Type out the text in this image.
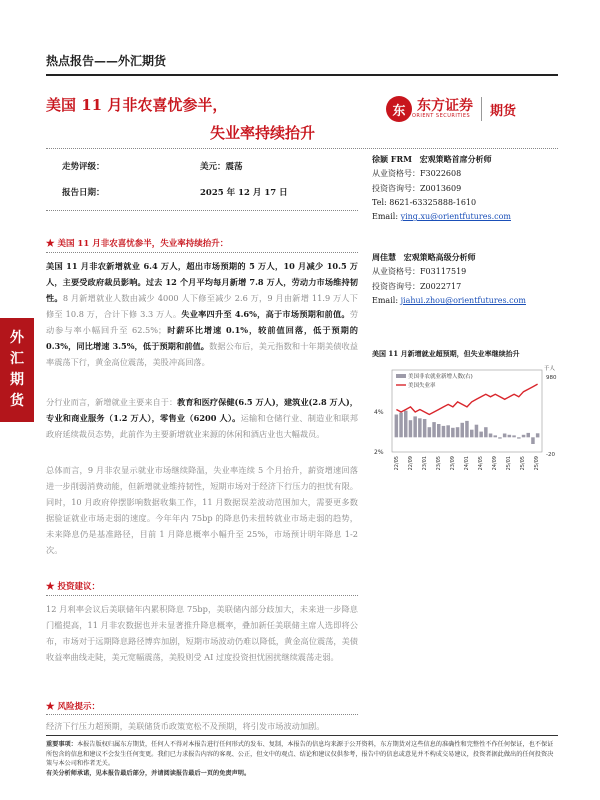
热点报告——外汇期货
美国 11 月非农喜忧参半，
失业率持续抬升
东 东方证券
ORIENT SECURITIES 期货
走势评级：	美元：震荡
报告日期：	2025 年 12 月 17 日
外
汇
期
货
★ 美国 11 月非农喜忧参半，失业率持续抬升：
美国 11 月非农新增就业 6.4 万人，超出市场预期的 5 万人，10 月减少 10.5 万人，主要受政府裁员影响。过去 12 个月平均每月新增 7.8 万人，劳动力市场维持韧性。8 月新增就业人数由减少 4000 人下修至减少 2.6 万，9 月由新增 11.9 万人下修至 10.8 万，合计下修 3.3 万人。失业率四升至 4.6%，高于市场预期和前值。劳动参与率小幅回升至 62.5%；时薪环比增速 0.1%，较前值回落，低于预期的 0.3%，同比增速 3.5%，低于预期和前值。数据公布后，美元指数和十年期美债收益率震荡下行，黄金高位震荡，美股冲高回落。
分行业而言，新增就业主要来自于：教育和医疗保健(6.5 万人)，建筑业(2.8 万人)，专业和商业服务（1.2 万人），零售业（6200 人）。运输和仓储行业、制造业和联邦政府延续裁员态势，此前作为主要新增就业来源的休闲和酒店业也大幅裁员。
总体而言，9 月非农显示就业市场继续降温，失业率连续 5 个月抬升，薪资增速回落进一步削弱消费动能，但新增就业维持韧性，短期市场对于经济下行压力的担忧有限。同时，10 月政府停摆影响数据收集工作，11 月数据误差波动范围加大，需要更多数据验证就业市场走弱的速度。今年年内 75bp 的降息仍未扭转就业市场走弱的趋势，未来降息仍是基准路径，目前 1 月降息概率小幅升至 25%，市场预计明年降息 1-2 次。
★ 投资建议：
12 月利率会议后美联储年内累积降息 75bp，美联储内部分歧加大，未来进一步降息门槛提高，11 月非农数据也并未显著推升降息概率，叠加新任美联储主席人选即将公布，市场对于远期降息路径博弈加剧，短期市场波动仍难以降低，黄金高位震荡，美债收益率曲线走陡，美元宽幅震荡，美股则受 AI 过度投资担忧困扰继续震荡走弱。
★ 风险提示：
经济下行压力超预期，美联储货币政策宽松不及预期，将引发市场波动加剧。
徐颖 FRM 宏观策略首席分析师
从业资格号：F3022608
投资咨询号：Z0013609
Tel: 8621-63325888-1610
Email: ying.xu@orientfutures.com
周佳慧 宏观策略高级分析师
从业资格号：F03117519
投资咨询号：Z0022717
Email: jiahui.zhou@orientfutures.com
美国 11 月新增就业超预期，但失业率继续抬升
美国非农就业新增人数(右)
美国失业率
千人
980
-20
4%
2%
22/05 22/09 23/01 23/05 23/09 24/01 24/05 24/09 25/01 25/05 25/09
重要事项：本报告版权归属东方期货，任何人不得对本报告进行任何形式的发布、复制，本报告的信息均来源于公开资料，东方期货对这些信息的准确性和完整性不作任何保证，也不保证所包含的信息和建议不会发生任何变更。我们已力求报告内容的客观、公正，但文中的观点、结论和建议仅供参考，报告中的信息或意见并不构成交易建议，投资者据此做出的任何投资决策与本公司和作者无关。
有关分析师承诺，见本报告最后部分，并请阅读报告最后一页的免责声明。
